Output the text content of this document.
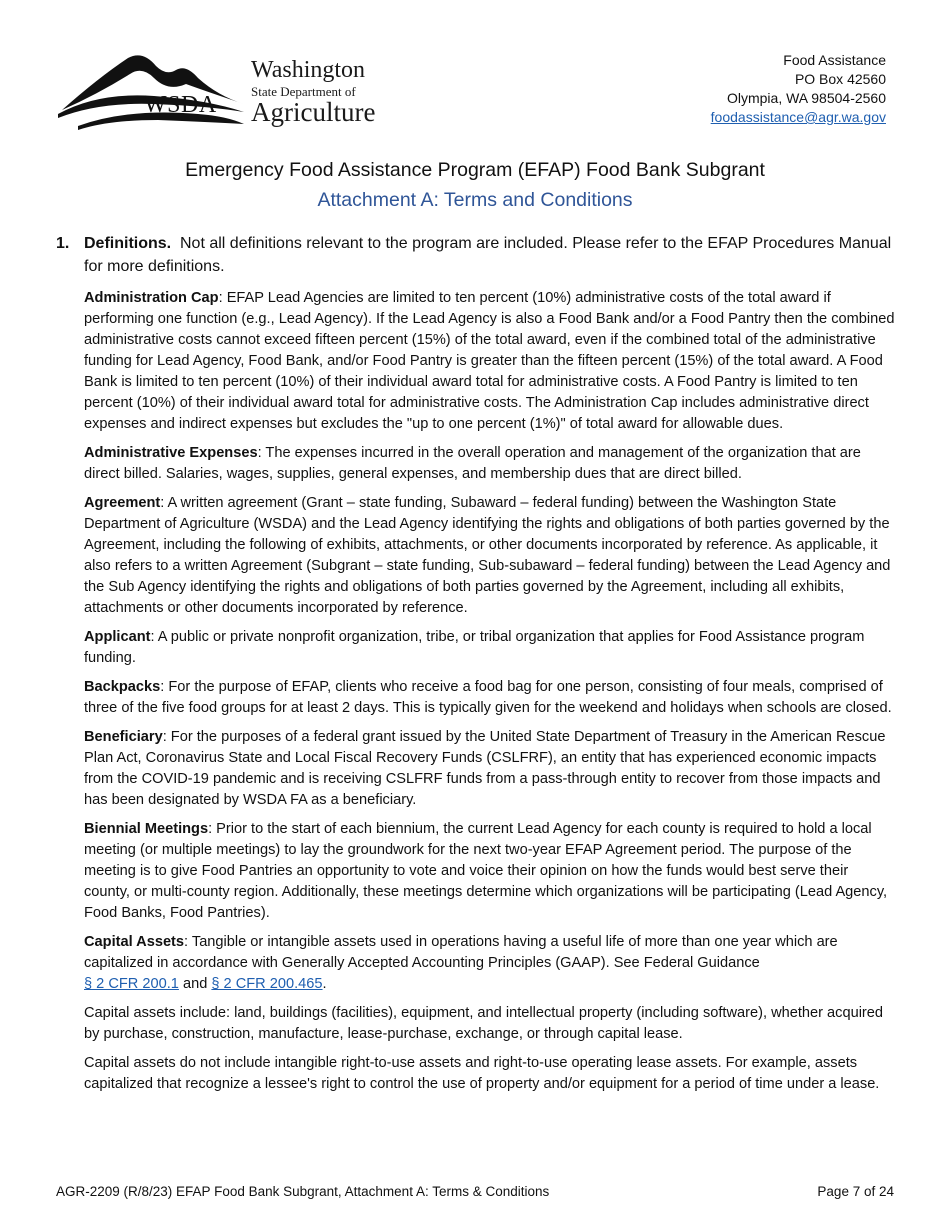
WSDA
Washington
State Department of
Agriculture
Food Assistance
PO Box 42560
Olympia, WA 98504-2560
foodassistance@agr.wa.gov
Emergency Food Assistance Program (EFAP) Food Bank Subgrant
Attachment A: Terms and Conditions
1. Definitions. Not all definitions relevant to the program are included. Please refer to the EFAP Procedures Manual for more definitions.

Administration Cap: EFAP Lead Agencies are limited to ten percent (10%) administrative costs of the total award if performing one function (e.g., Lead Agency). If the Lead Agency is also a Food Bank and/or a Food Pantry then the combined administrative costs cannot exceed fifteen percent (15%) of the total award, even if the combined total of the administrative funding for Lead Agency, Food Bank, and/or Food Pantry is greater than the fifteen percent (15%) of the total award. A Food Bank is limited to ten percent (10%) of their individual award total for administrative costs. A Food Pantry is limited to ten percent (10%) of their individual award total for administrative costs. The Administration Cap includes administrative direct expenses and indirect expenses but excludes the "up to one percent (1%)" of total award for allowable dues.

Administrative Expenses: The expenses incurred in the overall operation and management of the organization that are direct billed. Salaries, wages, supplies, general expenses, and membership dues that are direct billed.

Agreement: A written agreement (Grant – state funding, Subaward – federal funding) between the Washington State Department of Agriculture (WSDA) and the Lead Agency identifying the rights and obligations of both parties governed by the Agreement, including the following of exhibits, attachments, or other documents incorporated by reference. As applicable, it also refers to a written Agreement (Subgrant – state funding, Sub-subaward – federal funding) between the Lead Agency and the Sub Agency identifying the rights and obligations of both parties governed by the Agreement, including all exhibits, attachments or other documents incorporated by reference.

Applicant: A public or private nonprofit organization, tribe, or tribal organization that applies for Food Assistance program funding.

Backpacks: For the purpose of EFAP, clients who receive a food bag for one person, consisting of four meals, comprised of three of the five food groups for at least 2 days. This is typically given for the weekend and holidays when schools are closed.

Beneficiary: For the purposes of a federal grant issued by the United State Department of Treasury in the American Rescue Plan Act, Coronavirus State and Local Fiscal Recovery Funds (CSLFRF), an entity that has experienced economic impacts from the COVID-19 pandemic and is receiving CSLFRF funds from a pass-through entity to recover from those impacts and has been designated by WSDA FA as a beneficiary.

Biennial Meetings: Prior to the start of each biennium, the current Lead Agency for each county is required to hold a local meeting (or multiple meetings) to lay the groundwork for the next two-year EFAP Agreement period. The purpose of the meeting is to give Food Pantries an opportunity to vote and voice their opinion on how the funds would best serve their county, or multi-county region. Additionally, these meetings determine which organizations will be participating (Lead Agency, Food Banks, Food Pantries).

Capital Assets: Tangible or intangible assets used in operations having a useful life of more than one year which are capitalized in accordance with Generally Accepted Accounting Principles (GAAP). See Federal Guidance
§ 2 CFR 200.1 and § 2 CFR 200.465.

Capital assets include: land, buildings (facilities), equipment, and intellectual property (including software), whether acquired by purchase, construction, manufacture, lease-purchase, exchange, or through capital lease.

Capital assets do not include intangible right-to-use assets and right-to-use operating lease assets. For example, assets capitalized that recognize a lessee's right to control the use of property and/or equipment for a period of time under a lease.

AGR-2209 (R/8/23) EFAP Food Bank Subgrant, Attachment A: Terms & Conditions	Page 7 of 24
